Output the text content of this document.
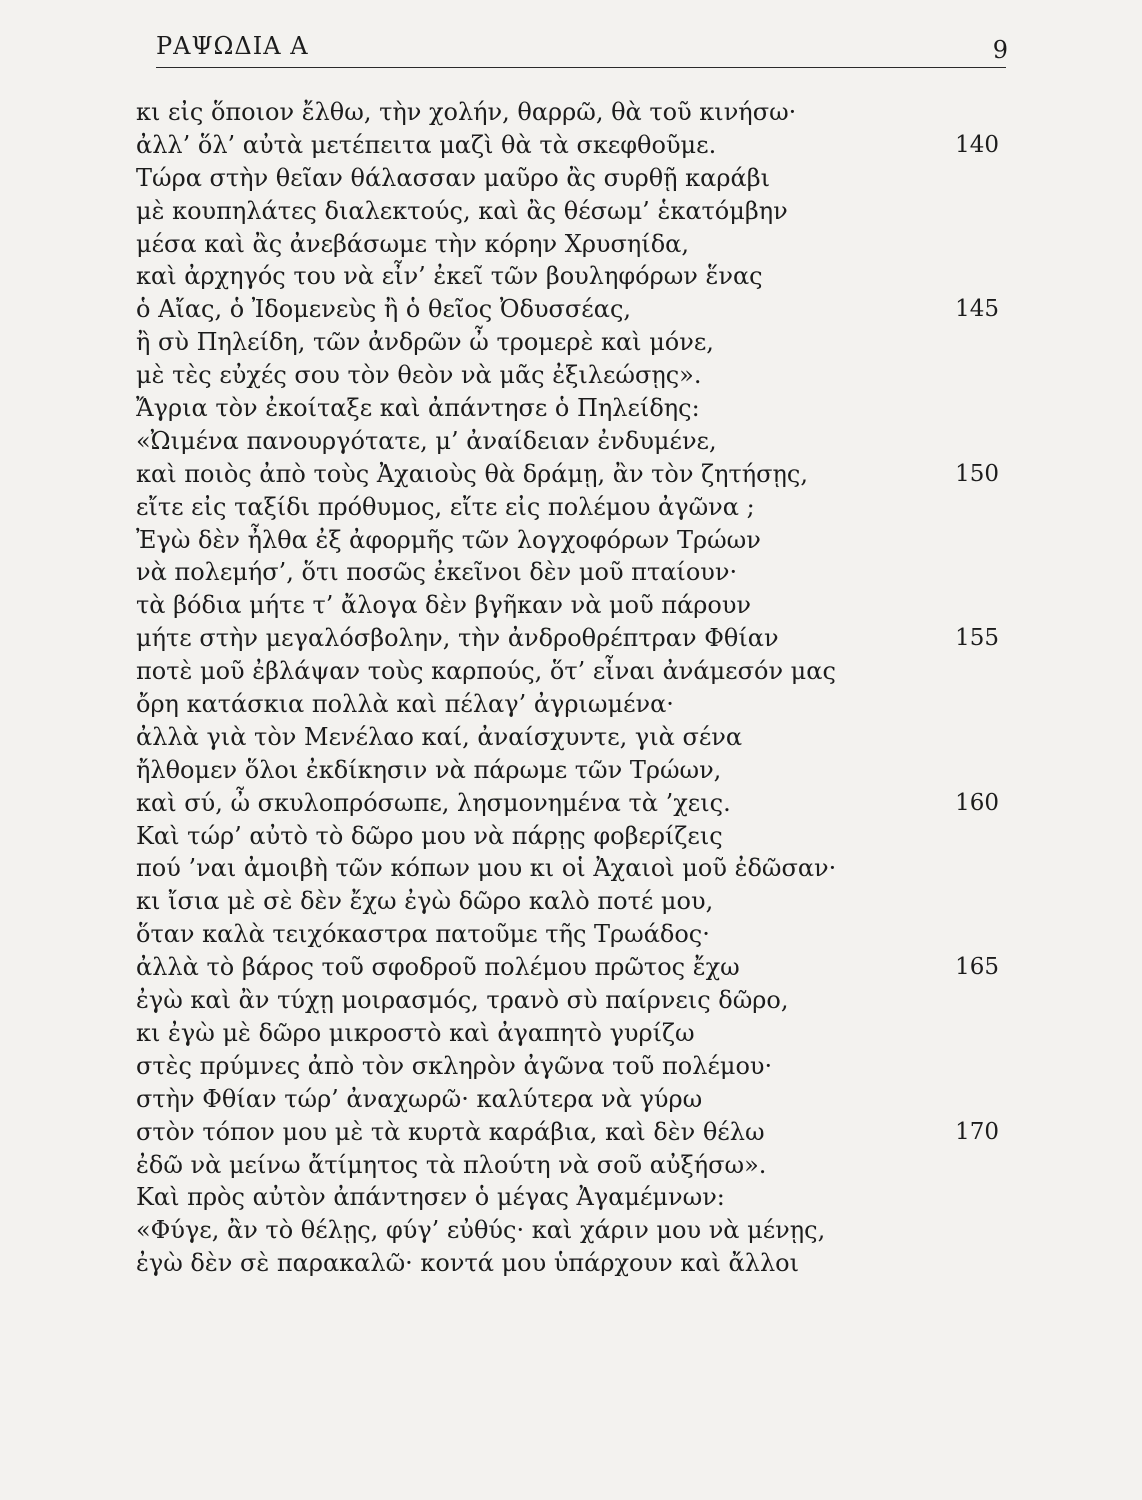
ΡΑΨΩΔΙΑ Α	9
κι εἰς ὅποιον ἔλθω, τὴν χολήν, θαρρῶ, θὰ τοῦ κινήσω·
ἀλλ’ ὅλ’ αὐτὰ μετέπειτα μαζὶ θὰ τὰ σκεφθοῦμε.	140
Τώρα στὴν θεῖαν θάλασσαν μαῦρο ἂς συρθῇ καράβι
μὲ κουπηλάτες διαλεκτούς, καὶ ἂς θέσωμ’ ἑκατόμβην
μέσα καὶ ἂς ἀνεβάσωμε τὴν κόρην Χρυσηίδα,
καὶ ἀρχηγός του νὰ εἶν’ ἐκεῖ τῶν βουληφόρων ἕνας
ὁ Αἴας, ὁ Ἰδομενεὺς ἢ ὁ θεῖος Ὀδυσσέας,	145
ἢ σὺ Πηλείδη, τῶν ἀνδρῶν ὦ τρομερὲ καὶ μόνε,
μὲ τὲς εὐχές σου τὸν θεὸν νὰ μᾶς ἐξιλεώσῃς».
Ἄγρια τὸν ἐκοίταξε καὶ ἀπάντησε ὁ Πηλείδης:
«Ὠιμένα πανουργότατε, μ’ ἀναίδειαν ἐνδυμένε,
καὶ ποιὸς ἀπὸ τοὺς Ἀχαιοὺς θὰ δράμῃ, ἂν τὸν ζητήσῃς,	150
εἴτε εἰς ταξίδι πρόθυμος, εἴτε εἰς πολέμου ἀγῶνα ;
Ἐγὼ δὲν ἦλθα ἐξ ἀφορμῆς τῶν λογχοφόρων Τρώων
νὰ πολεμήσ’, ὅτι ποσῶς ἐκεῖνοι δὲν μοῦ πταίουν·
τὰ βόδια μήτε τ’ ἄλογα δὲν βγῆκαν νὰ μοῦ πάρουν
μήτε στὴν μεγαλόσβολην, τὴν ἀνδροθρέπτραν Φθίαν	155
ποτὲ μοῦ ἐβλάψαν τοὺς καρπούς, ὅτ’ εἶναι ἀνάμεσόν μας
ὄρη κατάσκια πολλὰ καὶ πέλαγ’ ἀγριωμένα·
ἀλλὰ γιὰ τὸν Μενέλαο καί, ἀναίσχυντε, γιὰ σένα
ἤλθομεν ὅλοι ἐκδίκησιν νὰ πάρωμε τῶν Τρώων,
καὶ σύ, ὦ σκυλοπρόσωπε, λησμονημένα τὰ ’χεις.	160
Καὶ τώρ’ αὐτὸ τὸ δῶρο μου νὰ πάρῃς φοβερίζεις
πού ’ναι ἀμοιβὴ τῶν κόπων μου κι οἱ Ἀχαιοὶ μοῦ ἐδῶσαν·
κι ἴσια μὲ σὲ δὲν ἔχω ἐγὼ δῶρο καλὸ ποτέ μου,
ὅταν καλὰ τειχόκαστρα πατοῦμε τῆς Τρωάδος·
ἀλλὰ τὸ βάρος τοῦ σφοδροῦ πολέμου πρῶτος ἔχω	165
ἐγὼ καὶ ἂν τύχῃ μοιρασμός, τρανὸ σὺ παίρνεις δῶρο,
κι ἐγὼ μὲ δῶρο μικροστὸ καὶ ἀγαπητὸ γυρίζω
στὲς πρύμνες ἀπὸ τὸν σκληρὸν ἀγῶνα τοῦ πολέμου·
στὴν Φθίαν τώρ’ ἀναχωρῶ· καλύτερα νὰ γύρω
στὸν τόπον μου μὲ τὰ κυρτὰ καράβια, καὶ δὲν θέλω	170
ἐδῶ νὰ μείνω ἄτίμητος τὰ πλούτη νὰ σοῦ αὐξήσω».
Καὶ πρὸς αὐτὸν ἀπάντησεν ὁ μέγας Ἀγαμέμνων:
«Φύγε, ἂν τὸ θέλῃς, φύγ’ εὐθύς· καὶ χάριν μου νὰ μένῃς,
ἐγὼ δὲν σὲ παρακαλῶ· κοντά μου ὑπάρχουν καὶ ἄλλοι
